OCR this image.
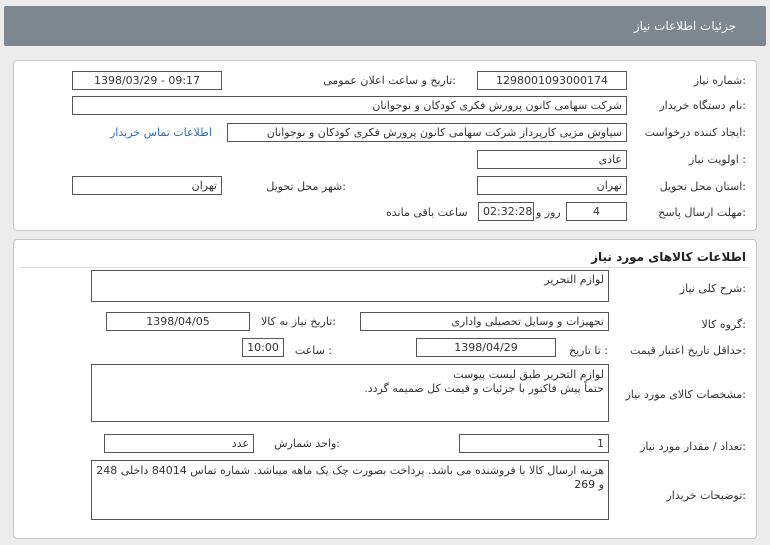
جزئیات اطلاعات نیاز
شماره نیاز:
1298001093000174
تاریخ و ساعت اعلان عمومی:
1398/03/29 - 09:17
نام دستگاه خریدار:
شرکت سهامی کانون پرورش فکری کودکان و نوجوانان
ایجاد کننده درخواست:
سیاوش مزیی کارپرداز شرکت سهامی کانون پرورش فکری کودکان و نوجوانان
اطلاعات تماس خریدار
اولویت نیاز :
عادی
استان محل تحویل:
تهران
شهر محل تحویل:
تهران
مهلت ارسال پاسخ:
4
روز و
02:32:28
ساعت باقی مانده
اطلاعات کالاهای مورد نیاز
شرح کلی نیاز:
لوازم التحریر
گروه کالا:
تجهیزات و وسایل تحصیلی واداری
تاریخ نیاز به کالا:
1398/04/05
حداقل تاریخ اعتبار قیمت:
تا تاریخ :
1398/04/29
ساعت :
10:00
مشخصات کالای مورد نیاز:
لوازم التحریر طبق لیست پیوست
حتماً پیش فاکتور با جزئیات و قیمت کل ضمیمه گردد.
تعداد / مقدار مورد نیاز:
1
واحد شمارش:
عدد
توضیحات خریدار:
هزینه ارسال کالا با فروشنده می باشد. پرداخت بصورت چک یک ماهه میباشد. شماره تماس 84014 داخلی 248 و 269
